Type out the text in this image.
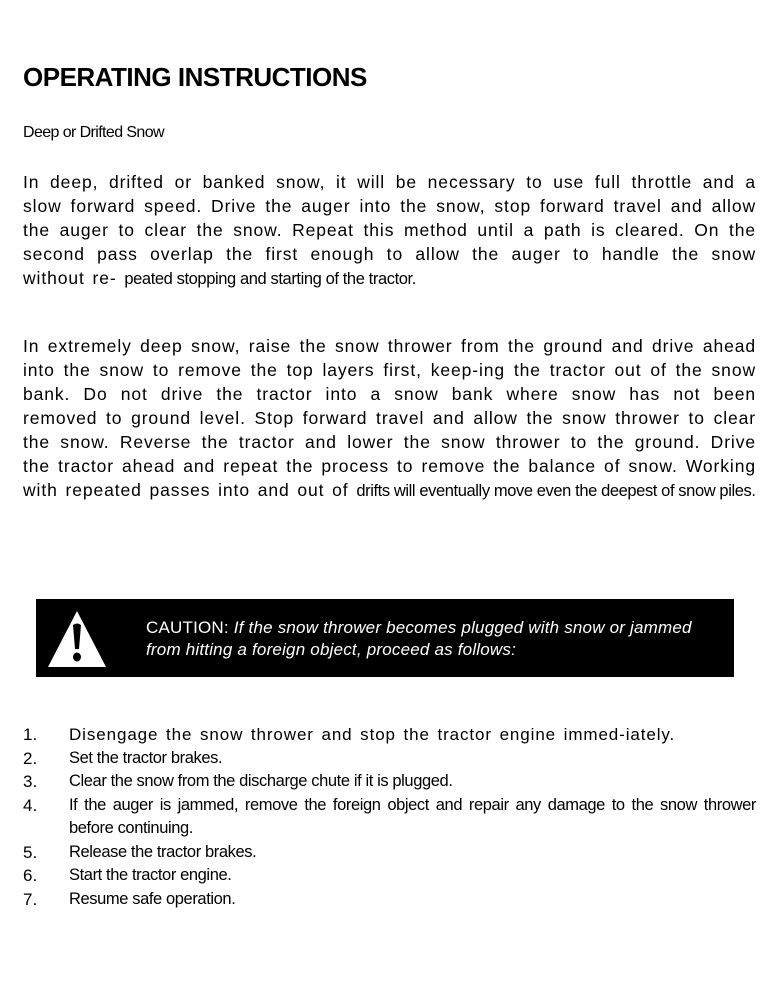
OPERATING INSTRUCTIONS
Deep or Drifted Snow

In deep, drifted or banked snow, it will be necessary to use full throttle and a slow forward speed. Drive the auger into the snow, stop forward travel and allow the auger to clear the snow. Repeat this method until a path is cleared. On the second pass overlap the first enough to allow the auger to handle the snow without re- peated stopping and starting of the tractor.

In extremely deep snow, raise the snow thrower from the ground and drive ahead into the snow to remove the top layers first, keep-ing the tractor out of the snow bank. Do not drive the tractor into a snow bank where snow has not been removed to ground level. Stop forward travel and allow the snow thrower to clear the snow. Reverse the tractor and lower the snow thrower to the ground. Drive the tractor ahead and repeat the process to remove the balance of snow. Working with repeated passes into and out of drifts will eventually move even the deepest of snow piles.

CAUTION: If the snow thrower becomes plugged with snow or jammed from hitting a foreign object, proceed as follows:
1. Disengage the snow thrower and stop the tractor engine immed-iately.
2. Set the tractor brakes.
3. Clear the snow from the discharge chute if it is plugged.
4. If the auger is jammed, remove the foreign object and repair any damage to the snow thrower before continuing.
5. Release the tractor brakes.
6. Start the tractor engine.
7. Resume safe operation.
